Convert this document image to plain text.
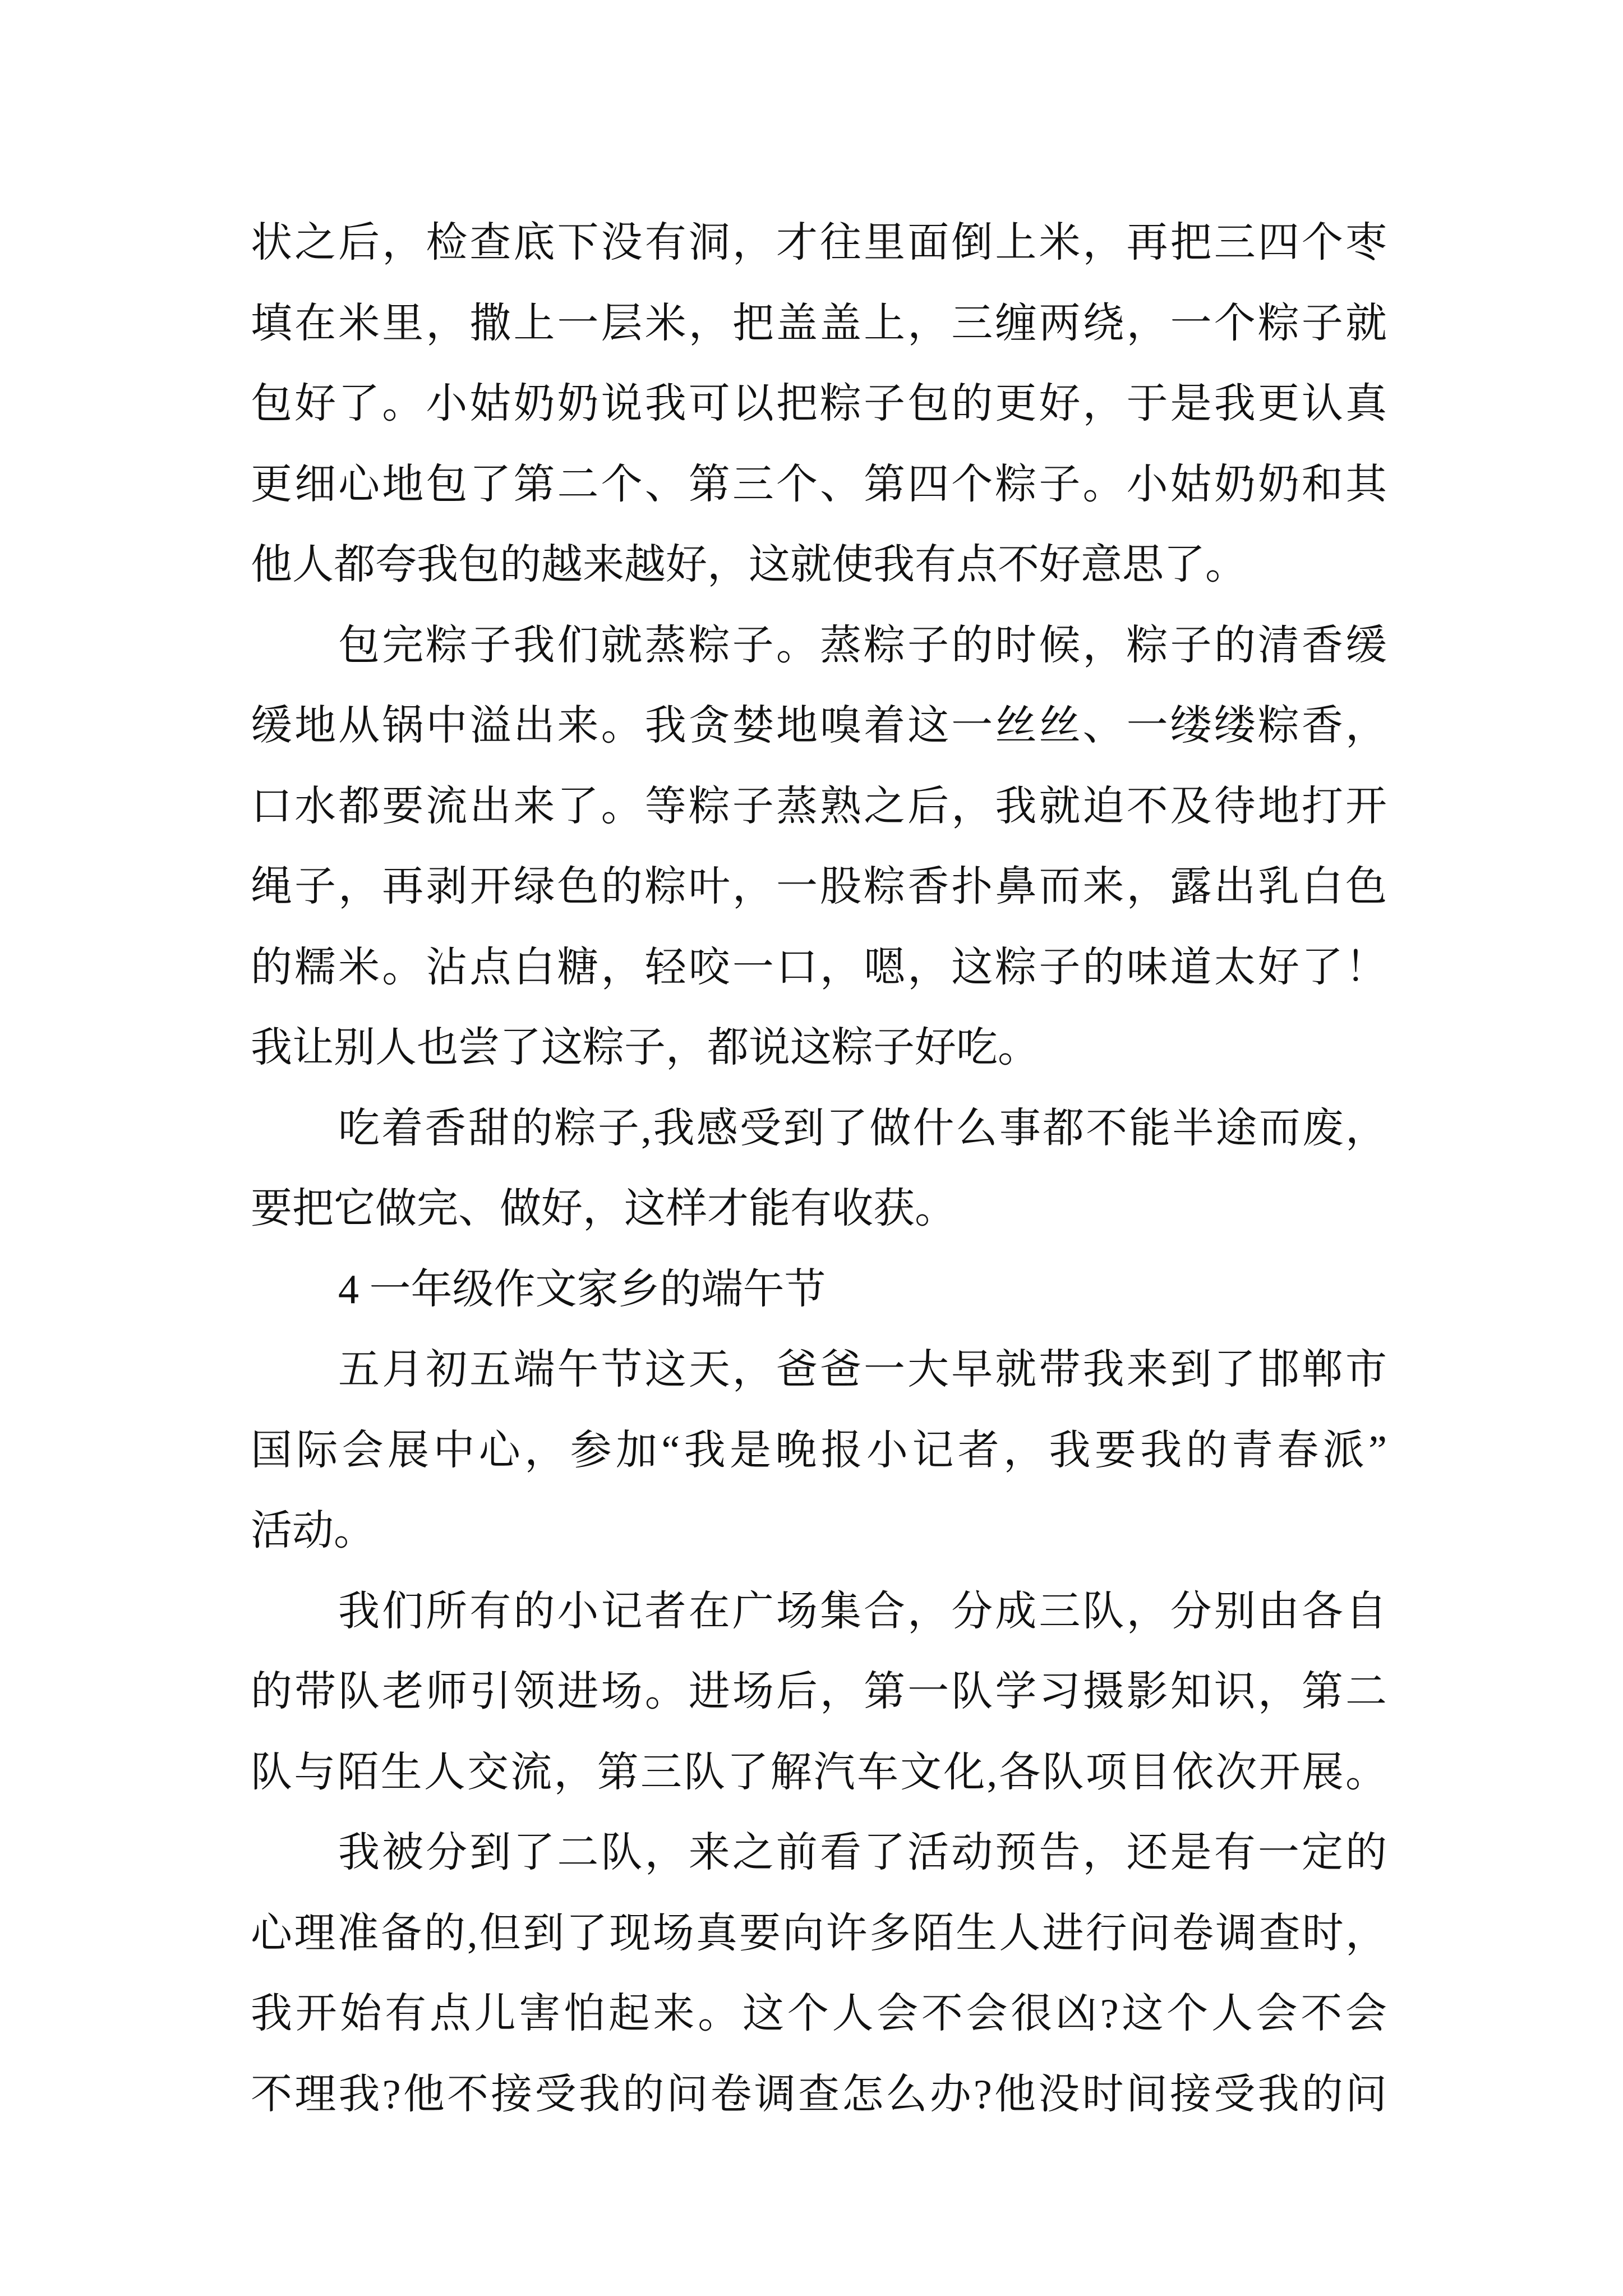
状之后，检查底下没有洞，才往里面倒上米，再把三四个枣
填在米里，撒上一层米，把盖盖上，三缠两绕，一个粽子就
包好了。小姑奶奶说我可以把粽子包的更好，于是我更认真
更细心地包了第二个、第三个、第四个粽子。小姑奶奶和其
他人都夸我包的越来越好，这就使我有点不好意思了。
包完粽子我们就蒸粽子。蒸粽子的时候，粽子的清香缓
缓地从锅中溢出来。我贪婪地嗅着这一丝丝、一缕缕粽香，
口水都要流出来了。等粽子蒸熟之后，我就迫不及待地打开
绳子，再剥开绿色的粽叶，一股粽香扑鼻而来，露出乳白色
的糯米。沾点白糖，轻咬一口，嗯，这粽子的味道太好了！
我让别人也尝了这粽子，都说这粽子好吃。
吃着香甜的粽子,我感受到了做什么事都不能半途而废，
要把它做完、做好，这样才能有收获。
4 一年级作文家乡的端午节
五月初五端午节这天，爸爸一大早就带我来到了邯郸市
国际会展中心，参加“我是晚报小记者，我要我的青春派”
活动。
我们所有的小记者在广场集合，分成三队，分别由各自
的带队老师引领进场。进场后，第一队学习摄影知识，第二
队与陌生人交流，第三队了解汽车文化,各队项目依次开展。
我被分到了二队，来之前看了活动预告，还是有一定的
心理准备的,但到了现场真要向许多陌生人进行问卷调查时，
我开始有点儿害怕起来。这个人会不会很凶?这个人会不会
不理我?他不接受我的问卷调查怎么办?他没时间接受我的问
